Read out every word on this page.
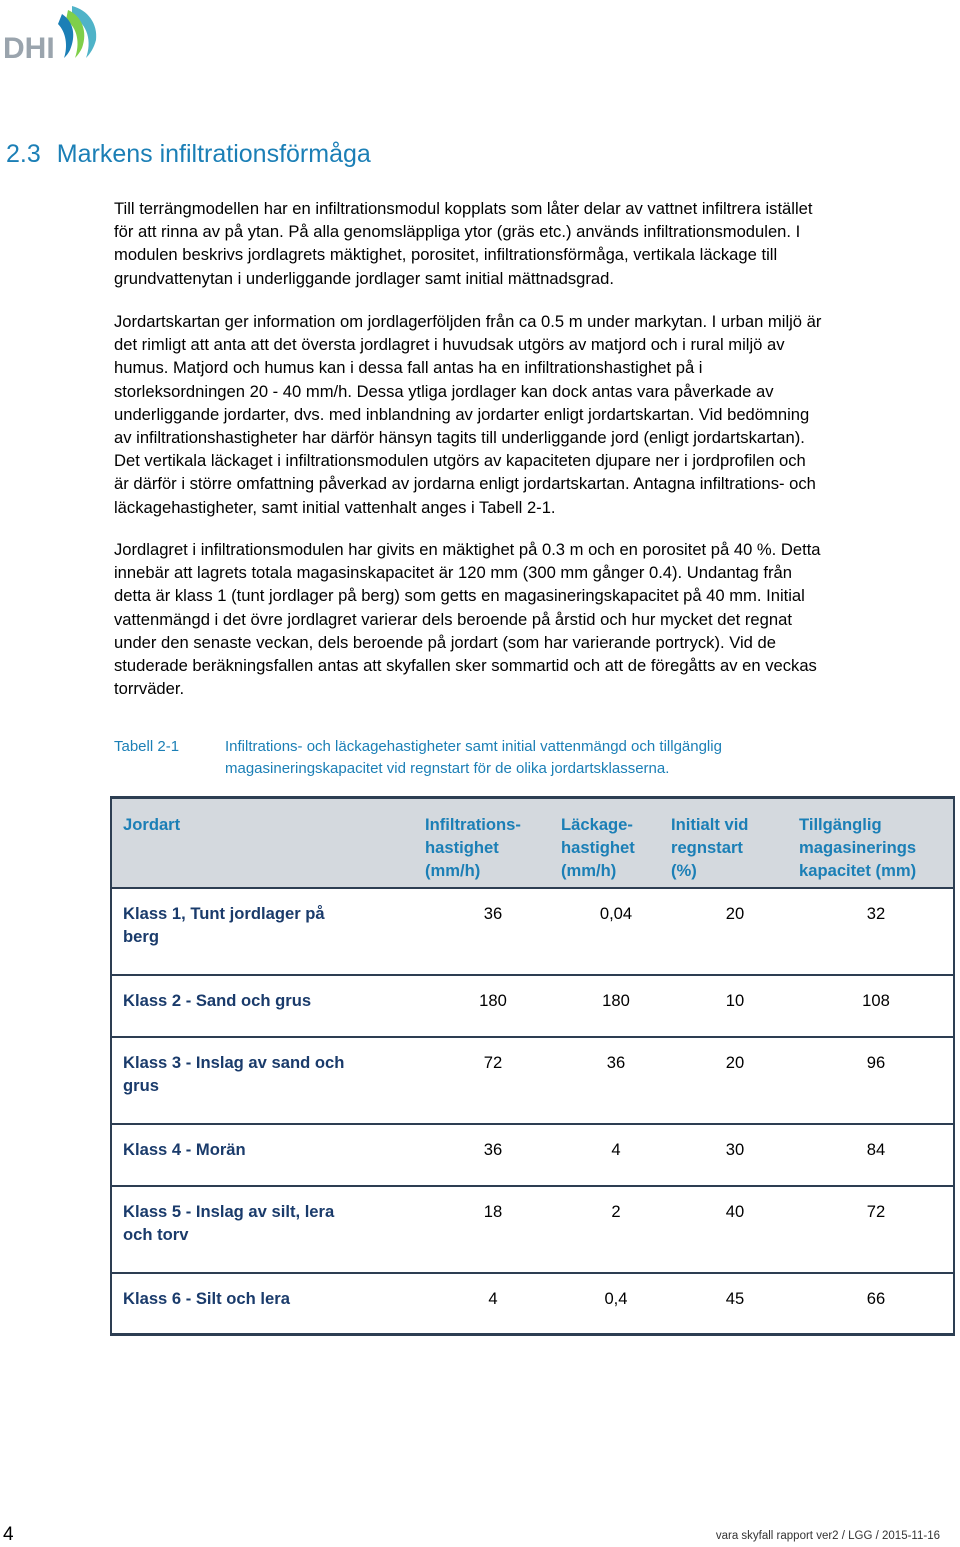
DHI
2.3 Markens infiltrationsförmåga

Till terrängmodellen har en infiltrationsmodul kopplats som låter delar av vattnet infiltrera istället
för att rinna av på ytan. På alla genomsläppliga ytor (gräs etc.) används infiltrationsmodulen. I
modulen beskrivs jordlagrets mäktighet, porositet, infiltrationsförmåga, vertikala läckage till
grundvattenytan i underliggande jordlager samt initial mättnadsgrad.

Jordartskartan ger information om jordlagerföljden från ca 0.5 m under markytan. I urban miljö är
det rimligt att anta att det översta jordlagret i huvudsak utgörs av matjord och i rural miljö av
humus. Matjord och humus kan i dessa fall antas ha en infiltrationshastighet på i
storleksordningen 20 - 40 mm/h. Dessa ytliga jordlager kan dock antas vara påverkade av
underliggande jordarter, dvs. med inblandning av jordarter enligt jordartskartan. Vid bedömning
av infiltrationshastigheter har därför hänsyn tagits till underliggande jord (enligt jordartskartan).
Det vertikala läckaget i infiltrationsmodulen utgörs av kapaciteten djupare ner i jordprofilen och
är därför i större omfattning påverkad av jordarna enligt jordartskartan. Antagna infiltrations- och
läckagehastigheter, samt initial vattenhalt anges i Tabell 2-1.

Jordlagret i infiltrationsmodulen har givits en mäktighet på 0.3 m och en porositet på 40 %. Detta
innebär att lagrets totala magasinskapacitet är 120 mm (300 mm gånger 0.4). Undantag från
detta är klass 1 (tunt jordlager på berg) som getts en magasineringskapacitet på 40 mm. Initial
vattenmängd i det övre jordlagret varierar dels beroende på årstid och hur mycket det regnat
under den senaste veckan, dels beroende på jordart (som har varierande portryck). Vid de
studerade beräkningsfallen antas att skyfallen sker sommartid och att de föregåtts av en veckas
torrväder.

Tabell 2-1	Infiltrations- och läckagehastigheter samt initial vattenmängd och tillgänglig
magasineringskapacitet vid regnstart för de olika jordartsklasserna.
Jordart	Infiltrations-
hastighet
(mm/h)	Läckage-
hastighet
(mm/h)	Initialt vid
regnstart
(%)	Tillgänglig
magasinerings
kapacitet (mm)
Klass 1, Tunt jordlager på
berg	36	0,04	20	32
Klass 2 - Sand och grus	180	180	10	108
Klass 3 - Inslag av sand och
grus	72	36	20	96
Klass 4 - Morän	36	4	30	84
Klass 5 - Inslag av silt, lera
och torv	18	2	40	72
Klass 6 - Silt och lera	4	0,4	45	66
4	vara skyfall rapport ver2 / LGG / 2015-11-16
